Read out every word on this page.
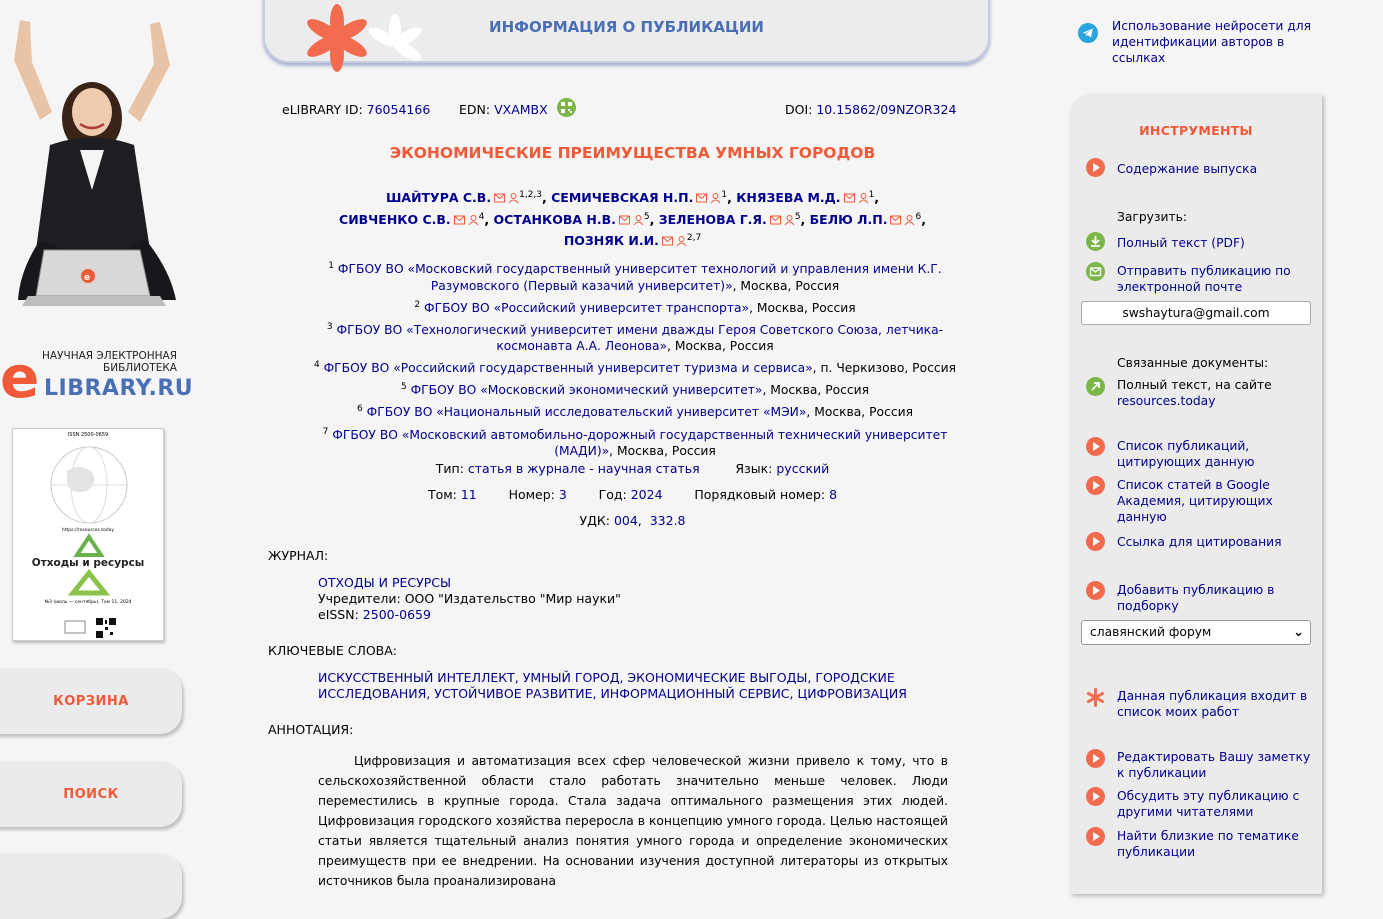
e
e НАУЧНАЯ ЭЛЕКТРОННАЯ
БИБЛИОТЕКА
LIBRARY.RU
ISSN 2500-0659
https://resources.today
Отходы и ресурсы
№3 (июль — сентябрь), Том 11, 2024
КОРЗИНА
ПОИСК
ИНФОРМАЦИЯ О ПУБЛИКАЦИИ
eLIBRARY ID: 76054166 EDN: VXAMBX	DOI: 10.15862/09NZOR324
ЭКОНОМИЧЕСКИЕ ПРЕИМУЩЕСТВА УМНЫХ ГОРОДОВ
ШАЙТУРА С.В.	$^{1,2,3}$, СЕМИЧЕВСКАЯ Н.П.	$^1$, КНЯЗЕВА М.Д.	$^1$,
СИВЧЕНКО С.В.	$^4$, ОСТАНКОВА Н.В.	$^5$, ЗЕЛЕНОВА Г.Я.	$^5$, БЕЛЮ Л.П.	$^6$,
ПОЗНЯК И.И.	$^{2,7}$
$^1$ ФГБОУ ВО «Московский государственный университет технологий и управления имени К.Г. Разумовского (Первый казачий университет)», Москва, Россия
$^2$ ФГБОУ ВО «Российский университет транспорта», Москва, Россия
$^3$ ФГБОУ ВО «Технологический университет имени дважды Героя Советского Союза, летчика-космонавта А.А. Леонова», Москва, Россия
$^4$ ФГБОУ ВО «Российский государственный университет туризма и сервиса», п. Черкизово, Россия
$^5$ ФГБОУ ВО «Московский экономический университет», Москва, Россия
$^6$ ФГБОУ ВО «Национальный исследовательский университет «МЭИ», Москва, Россия
$^7$ ФГБОУ ВО «Московский автомобильно-дорожный государственный технический университет (МАДИ)», Москва, Россия
Тип: статья в журнале - научная статья	Язык: русский
Том: 11	Номер: 3	Год: 2024	Порядковый номер: 8
УДК: 004,  332.8
ЖУРНАЛ:
ОТХОДЫ И РЕСУРСЫ
Учредители: ООО "Издательство "Мир науки"
eISSN: 2500-0659
КЛЮЧЕВЫЕ СЛОВА:
ИСКУССТВЕННЫЙ ИНТЕЛЛЕКТ, УМНЫЙ ГОРОД, ЭКОНОМИЧЕСКИЕ ВЫГОДЫ, ГОРОДСКИЕ ИССЛЕДОВАНИЯ, УСТОЙЧИВОЕ РАЗВИТИЕ, ИНФОРМАЦИОННЫЙ СЕРВИС, ЦИФРОВИЗАЦИЯ
АННОТАЦИЯ:
Цифровизация и автоматизация всех сфер человеческой жизни привело к тому, что в сельскохозяйственной области стало работать значительно меньше человек. Люди переместились в крупные города. Стала задача оптимального размещения этих людей. Цифровизация городского хозяйства переросла в концепцию умного города. Целью настоящей статьи является тщательный анализ понятия умного города и определение экономических преимуществ при ее внедрении. На основании изучения доступной литераторы из открытых источников была проанализирована
Использование нейросети для идентификации авторов в ссылках
ИНСТРУМЕНТЫ
Содержание выпуска
Загрузить:
Полный текст (PDF)
Отправить публикацию по электронной почте
swshaytura@gmail.com
Связанные документы:
Полный текст, на сайте
resources.today
Список публикаций, цитирующих данную
Список статей в Google Академия, цитирующих данную
Ссылка для цитирования
Добавить публикацию в подборку
славянский форум	⌄
Данная публикация входит в список моих работ
Редактировать Вашу заметку к публикации
Обсудить эту публикацию с другими читателями
Найти близкие по тематике публикации
